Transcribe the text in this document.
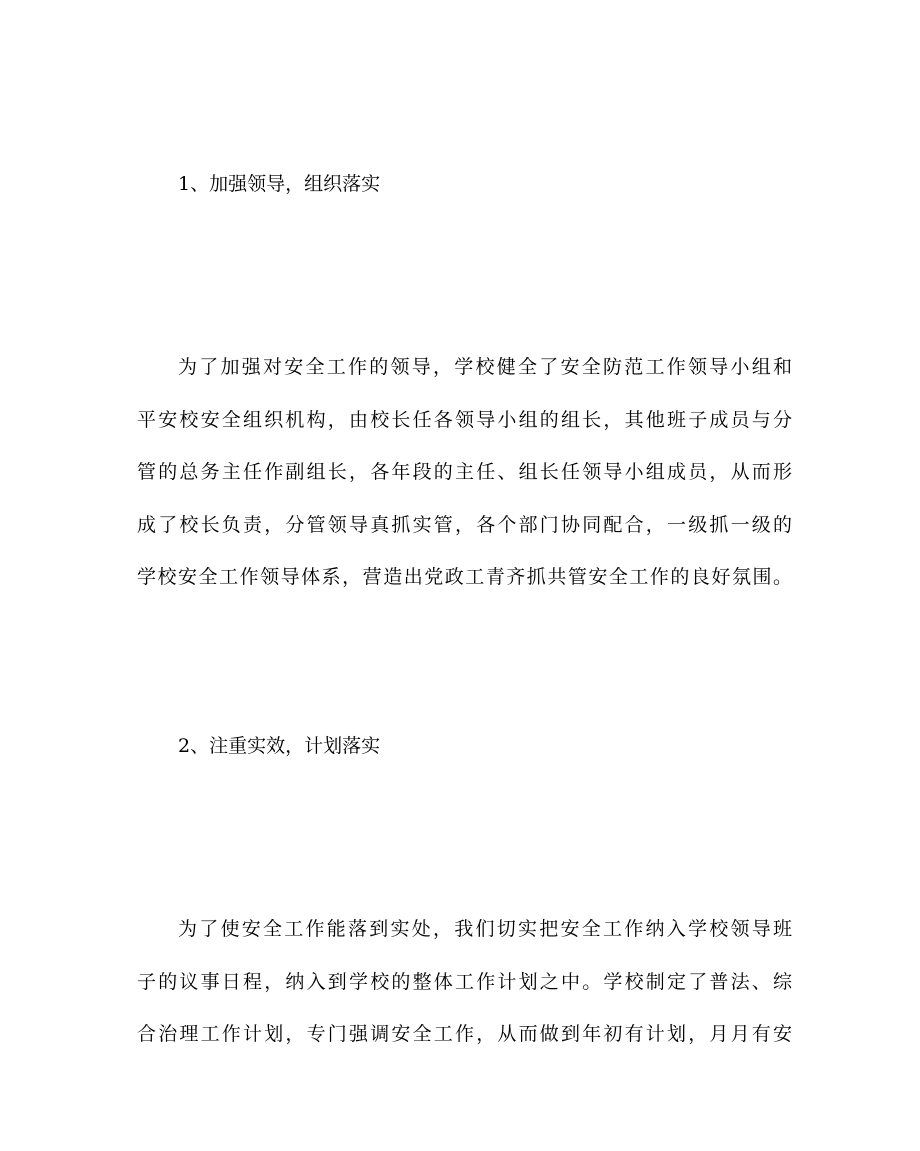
1、加强领导，组织落实
为了加强对安全工作的领导，学校健全了安全防范工作领导小组和
平安校安全组织机构，由校长任各领导小组的组长，其他班子成员与分
管的总务主任作副组长，各年段的主任、组长任领导小组成员，从而形
成了校长负责，分管领导真抓实管，各个部门协同配合，一级抓一级的
学校安全工作领导体系，营造出党政工青齐抓共管安全工作的良好氛围。
2、注重实效，计划落实
为了使安全工作能落到实处，我们切实把安全工作纳入学校领导班
子的议事日程，纳入到学校的整体工作计划之中。学校制定了普法、综
合治理工作计划，专门强调安全工作，从而做到年初有计划，月月有安
